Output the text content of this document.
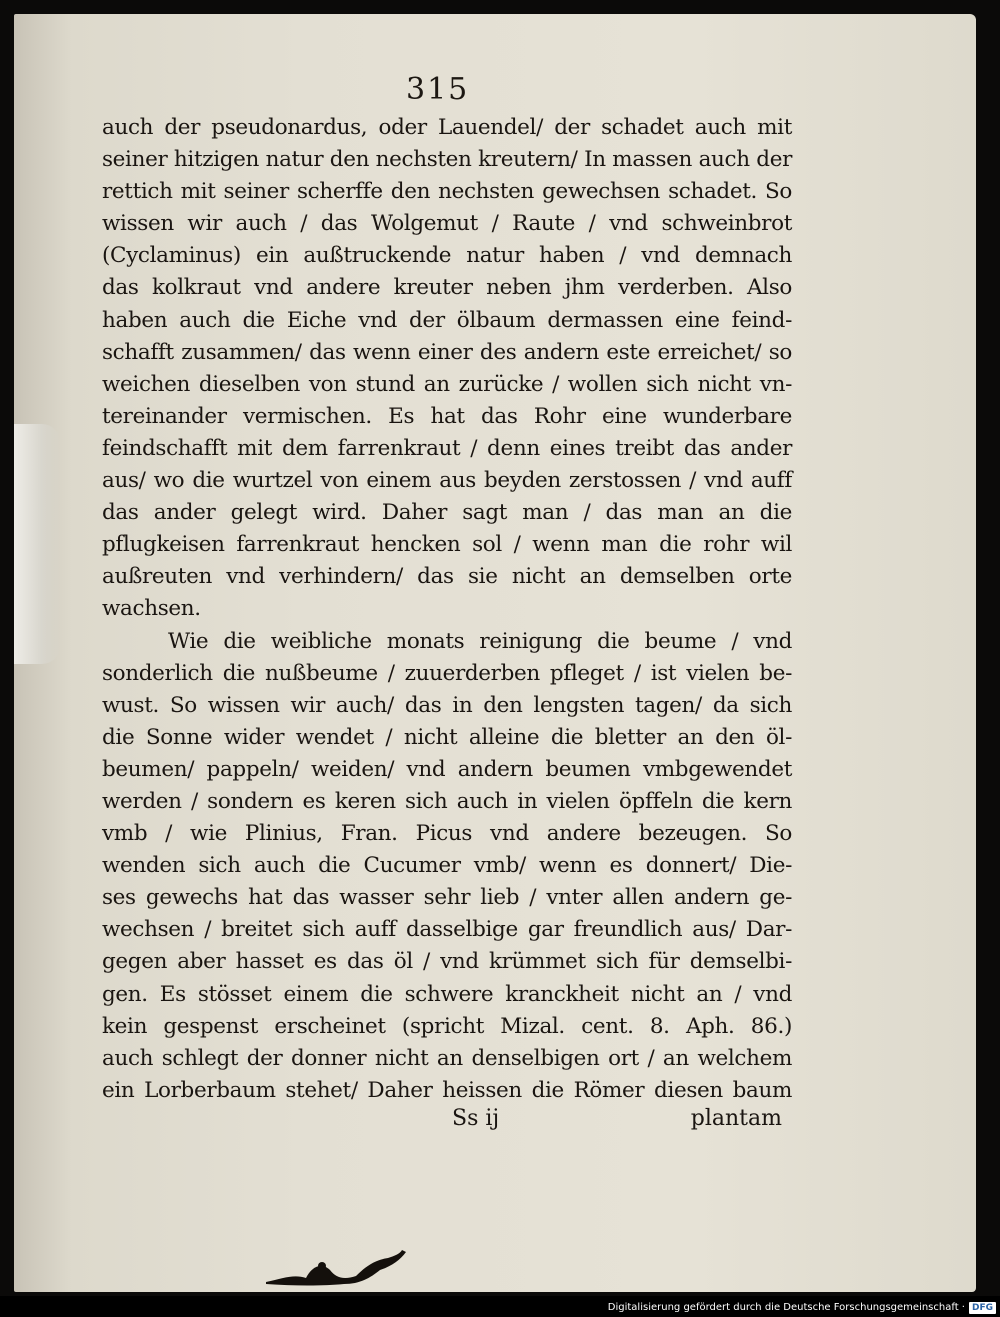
315
auch der pseudonardus, oder Lauendel/ der schadet auch mit
seiner hitzigen natur den nechsten kreutern/ In massen auch der
rettich mit seiner scherffe den nechsten gewechsen schadet. So
wissen wir auch / das Wolgemut / Raute / vnd schweinbrot
(Cyclaminus) ein außtruckende natur haben / vnd demnach
das kolkraut vnd andere kreuter neben jhm verderben. Also
haben auch die Eiche vnd der ölbaum dermassen eine feind-
schafft zusammen/ das wenn einer des andern este erreichet/ so
weichen dieselben von stund an zurücke / wollen sich nicht vn-
tereinander vermischen. Es hat das Rohr eine wunderbare
feindschafft mit dem farrenkraut / denn eines treibt das ander
aus/ wo die wurtzel von einem aus beyden zerstossen / vnd auff
das ander gelegt wird. Daher sagt man / das man an die
pflugkeisen farrenkraut hencken sol / wenn man die rohr wil
außreuten vnd verhindern/ das sie nicht an demselben orte
wachsen.
Wie die weibliche monats reinigung die beume / vnd
sonderlich die nußbeume / zuuerderben pfleget / ist vielen be-
wust. So wissen wir auch/ das in den lengsten tagen/ da sich
die Sonne wider wendet / nicht alleine die bletter an den öl-
beumen/ pappeln/ weiden/ vnd andern beumen vmbgewendet
werden / sondern es keren sich auch in vielen öpffeln die kern
vmb / wie Plinius, Fran. Picus vnd andere bezeugen. So
wenden sich auch die Cucumer vmb/ wenn es donnert/ Die-
ses gewechs hat das wasser sehr lieb / vnter allen andern ge-
wechsen / breitet sich auff dasselbige gar freundlich aus/ Dar-
gegen aber hasset es das öl / vnd krümmet sich für demselbi-
gen. Es stösset einem die schwere kranckheit nicht an / vnd
kein gespenst erscheinet (spricht Mizal. cent. 8. Aph. 86.)
auch schlegt der donner nicht an denselbigen ort / an welchem
ein Lorberbaum stehet/ Daher heissen die Römer diesen baum
Ss ij	plantam
Digitalisierung gefördert durch die Deutsche Forschungsgemeinschaft · DFG
